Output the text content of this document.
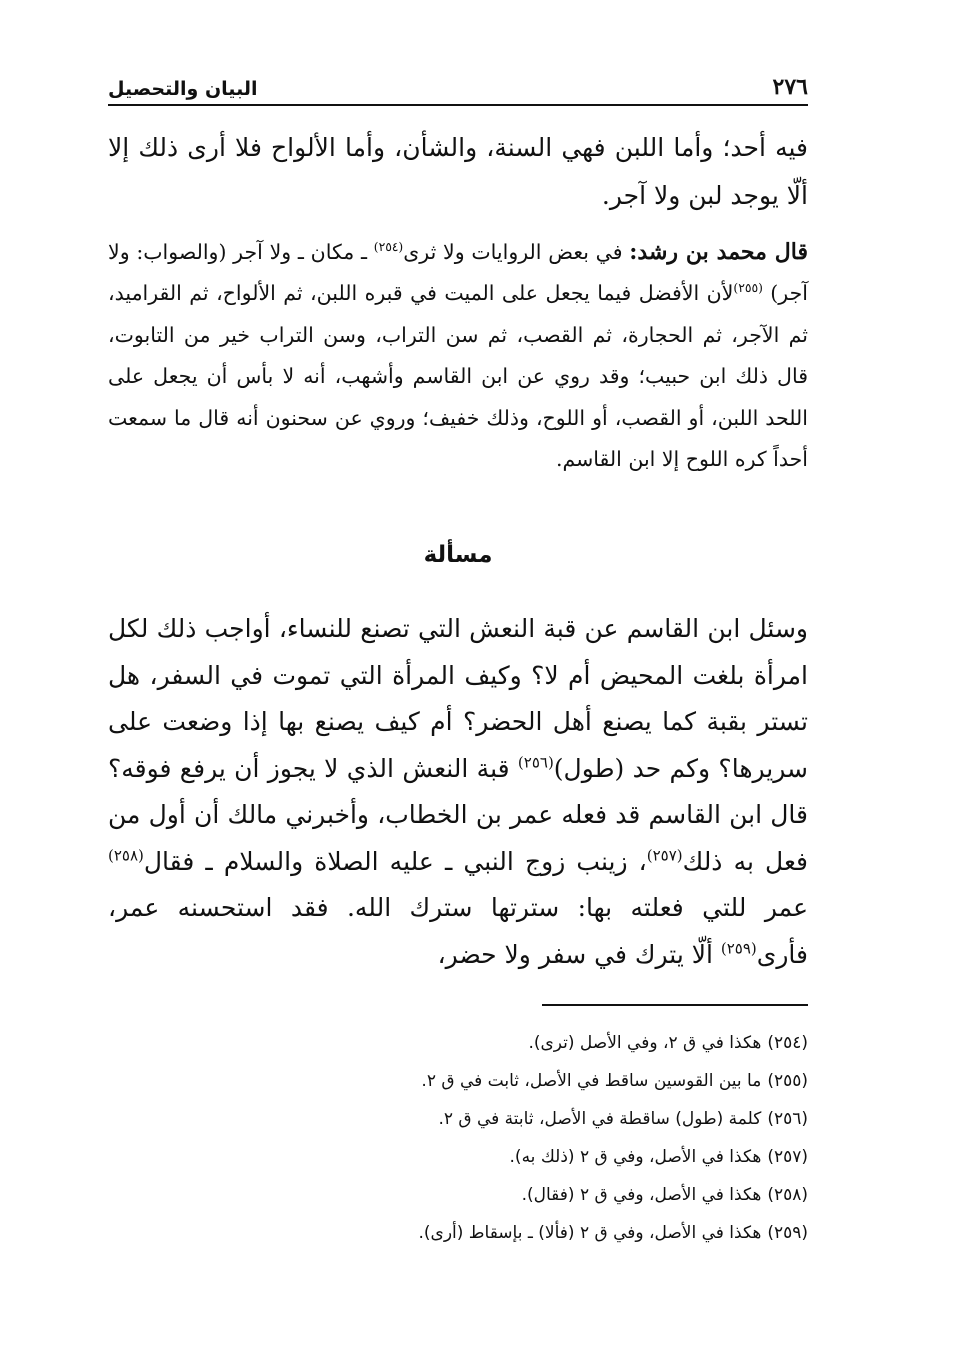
٢٧٦
البيان والتحصيل

فيه أحد؛ وأما اللبن فهي السنة، والشأن، وأما الألواح فلا أرى ذلك إلا ألّا يوجد لبن ولا آجر.

قال محمد بن رشد: في بعض الروايات ولا ثرى$^{(٢٥٤)}$ ـ مكان ـ ولا آجر (والصواب: ولا آجر) $^{(٢٥٥)}$لأن الأفضل فيما يجعل على الميت في قبره اللبن، ثم الألواح، ثم القراميد، ثم الآجر، ثم الحجارة، ثم القصب، ثم سن التراب، وسن التراب خير من التابوت، قال ذلك ابن حبيب؛ وقد روي عن ابن القاسم وأشهب، أنه لا بأس أن يجعل على اللحد اللبن، أو القصب، أو اللوح، وذلك خفيف؛ وروي عن سحنون أنه قال ما سمعت أحداً كره اللوح إلا ابن القاسم.

مسألة

وسئل ابن القاسم عن قبة النعش التي تصنع للنساء، أواجب ذلك لكل امرأة بلغت المحيض أم لا؟ وكيف المرأة التي تموت في السفر، هل تستر بقبة كما يصنع أهل الحضر؟ أم كيف يصنع بها إذا وضعت على سريرها؟ وكم حد (طول)$^{(٢٥٦)}$ قبة النعش الذي لا يجوز أن يرفع فوقه؟ قال ابن القاسم قد فعله عمر بن الخطاب، وأخبرني مالك أن أول من فعل به ذلك$^{(٢٥٧)}$، زينب زوج النبي ـ عليه الصلاة والسلام ـ فقال$^{(٢٥٨)}$ عمر للتي فعلته بها: سترتها سترك الله. فقد استحسنه عمر، فأرى$^{(٢٥٩)}$ ألّا يترك في سفر ولا حضر،

(٢٥٤)هكذا في ق ٢، وفي الأصل (ترى).
(٢٥٥)ما بين القوسين ساقط في الأصل، ثابت في ق ٢.
(٢٥٦)كلمة (طول) ساقطة في الأصل، ثابتة في ق ٢.
(٢٥٧)هكذا في الأصل، وفي ق ٢ (ذلك به).
(٢٥٨)هكذا في الأصل، وفي ق ٢ (فقال).
(٢٥٩)هكذا في الأصل، وفي ق ٢ (فألا) ـ بإسقاط (أرى).
